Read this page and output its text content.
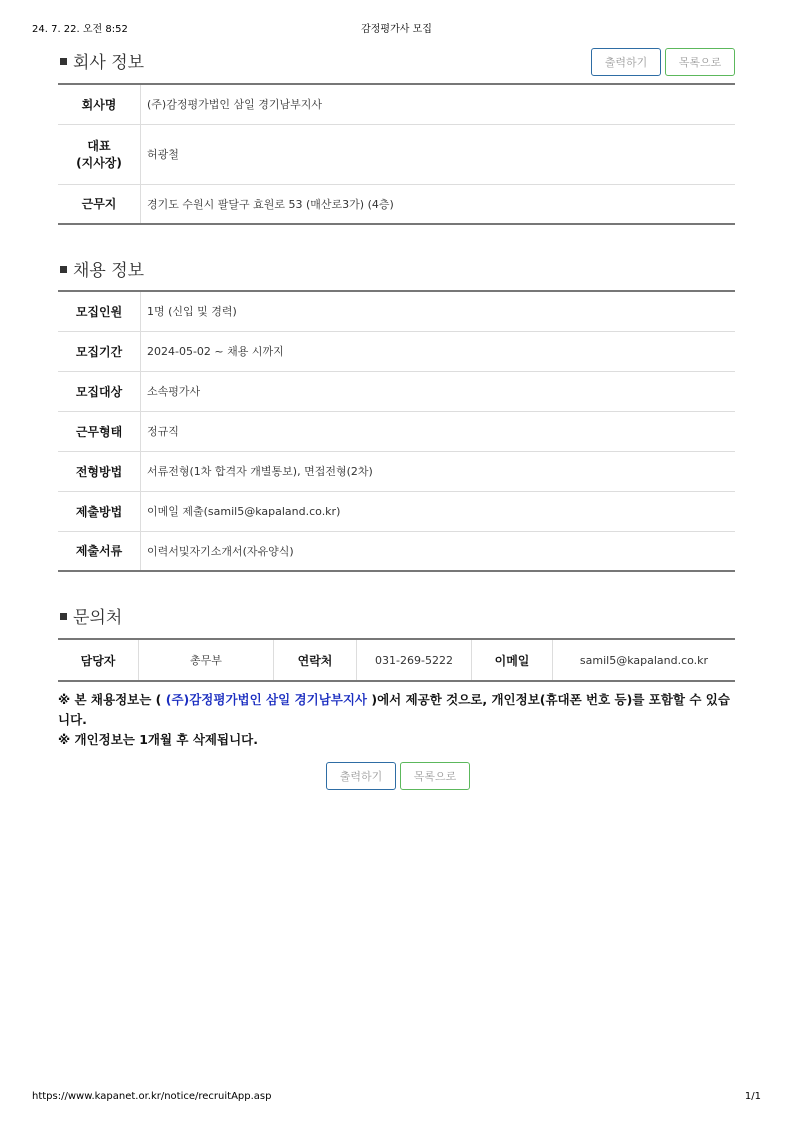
24. 7. 22. 오전 8:52	감정평가사 모집
회사 정보	출력하기	목록으로
회사명	(주)감정평가법인 삼일 경기남부지사

대표
(지사장)	허광철
근무지	경기도 수원시 팔달구 효원로 53 (매산로3가) (4층)
채용 정보
모집인원	1명 (신입 및 경력)
모집기간	2024-05-02 ~ 채용 시까지
모집대상	소속평가사
근무형태	정규직
전형방법	서류전형(1차 합격자 개별통보), 면접전형(2차)
제출방법	이메일 제출(samil5@kapaland.co.kr)
제출서류	이력서및자기소개서(자유양식)
문의처
담당자	총무부	연락처	031-269-5222	이메일	samil5@kapaland.co.kr
※ 본 채용정보는 ( (주)감정평가법인 삼일 경기남부지사 )에서 제공한 것으로, 개인정보(휴대폰 번호 등)를 포함할 수 있습니다.
※ 개인정보는 1개월 후 삭제됩니다.
출력하기	목록으로
https://www.kapanet.or.kr/notice/recruitApp.asp	1/1
